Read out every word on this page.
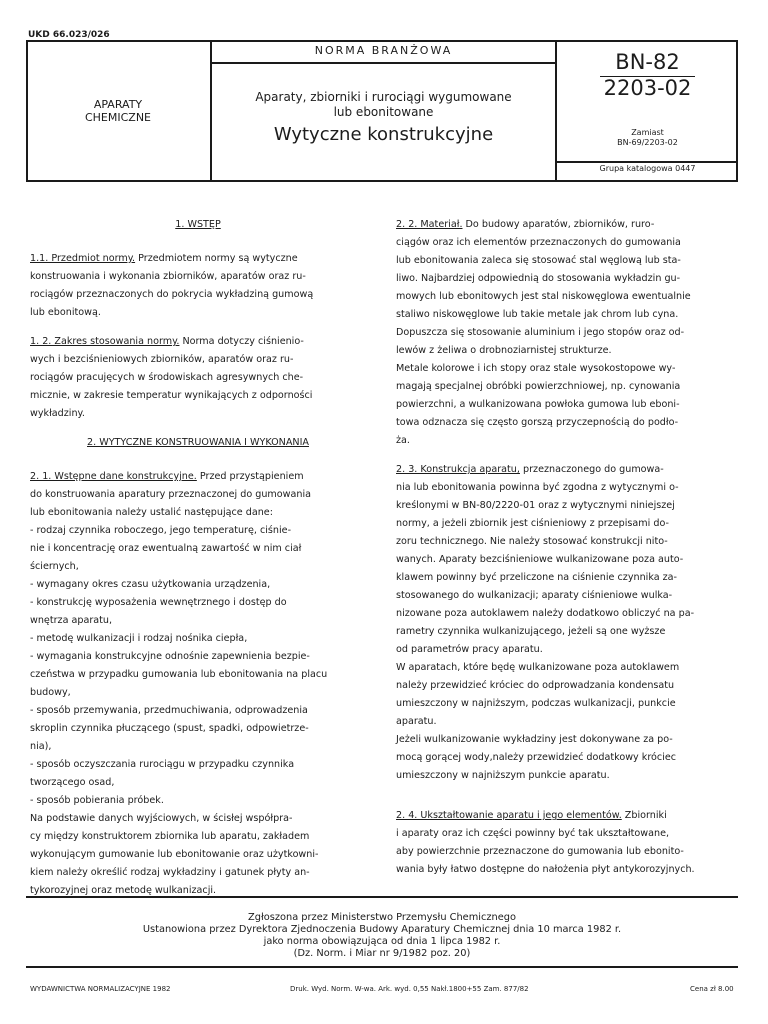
UKD 66.023/026
APARATY
CHEMICZNE
NORMA BRANŻOWA
Aparaty, zbiorniki i rurociągi wygumowane
lub ebonitowane
Wytyczne konstrukcyjne
BN-82
2203-02
Zamiast
BN-69/2203-02
Grupa katalogowa 0447

1. WSTĘP

1.1. Przedmiot normy. Przedmiotem normy są wytyczne

konstruowania i wykonania zbiorników, aparatów oraz ru-

rociągów przeznaczonych do pokrycia wykładziną gumową

lub ebonitową.

1. 2. Zakres stosowania normy. Norma dotyczy ciśnienio-

wych i bezciśnieniowych zbiorników, aparatów oraz ru-

rociągów pracujęcych w środowiskach agresywnych che-

micznie, w zakresie temperatur wynikających z odporności

wykładziny.

2. WYTYCZNE KONSTRUOWANIA I WYKONANIA

2. 1. Wstępne dane konstrukcyjne. Przed przystąpieniem

do konstruowania aparatury przeznaczonej do gumowania

lub ebonitowania należy ustalić następujące dane:

- rodzaj czynnika roboczego, jego temperaturę, ciśnie-

nie i koncentrację oraz ewentualną zawartość w nim ciał

ściernych,

- wymagany okres czasu użytkowania urządzenia,

- konstrukcję wyposażenia wewnętrznego i dostęp do

wnętrza aparatu,

- metodę wulkanizacji i rodzaj nośnika ciepła,

- wymagania konstrukcyjne odnośnie zapewnienia bezpie-

czeństwa w przypadku gumowania lub ebonitowania na placu

budowy,

- sposób przemywania, przedmuchiwania, odprowadzenia

skroplin czynnika płuczącego (spust, spadki, odpowietrze-

nia),

- sposób oczyszczania rurociągu w przypadku czynnika

tworzącego osad,

- sposób pobierania próbek.

Na podstawie danych wyjściowych, w ścisłej współpra-

cy między konstruktorem zbiornika lub aparatu, zakładem

wykonującym gumowanie lub ebonitowanie oraz użytkowni-

kiem należy określić rodzaj wykładziny i gatunek płyty an-

tykorozyjnej oraz metodę wulkanizacji.

2. 2. Materiał. Do budowy aparatów, zbiorników, ruro-

ciągów oraz ich elementów przeznaczonych do gumowania

lub ebonitowania zaleca się stosować stal węglową lub sta-

liwo. Najbardziej odpowiednią do stosowania wykładzin gu-

mowych lub ebonitowych jest stal niskowęglowa ewentualnie

staliwo niskowęglowe lub takie metale jak chrom lub cyna.

Dopuszcza się stosowanie aluminium i jego stopów oraz od-

lewów z żeliwa o drobnoziarnistej strukturze.

Metale kolorowe i ich stopy oraz stale wysokostopowe wy-

magają specjalnej obróbki powierzchniowej, np. cynowania

powierzchni, a wulkanizowana powłoka gumowa lub eboni-

towa odznacza się często gorszą przyczepnością do podło-

ża.

2. 3. Konstrukcja aparatu, przeznaczonego do gumowa-

nia lub ebonitowania powinna być zgodna z wytycznymi o-

kreślonymi w BN-80/2220-01 oraz z wytycznymi niniejszej

normy, a jeżeli zbiornik jest ciśnieniowy z przepisami do-

zoru technicznego. Nie należy stosować konstrukcji nito-

wanych. Aparaty bezciśnieniowe wulkanizowane poza auto-

klawem powinny być przeliczone na ciśnienie czynnika za-

stosowanego do wulkanizacji; aparaty ciśnieniowe wulka-

nizowane poza autoklawem należy dodatkowo obliczyć na pa-

rametry czynnika wulkanizującego, jeżeli są one wyższe

od parametrów pracy aparatu.

W aparatach, które będę wulkanizowane poza autoklawem

należy przewidzieć króciec do odprowadzania kondensatu

umieszczony w najniższym, podczas wulkanizacji, punkcie

aparatu.

Jeżeli wulkanizowanie wykładziny jest dokonywane za po-

mocą gorącej wody,należy przewidzieć dodatkowy króciec

umieszczony w najniższym punkcie aparatu.

2. 4. Ukształtowanie aparatu i jego elementów. Zbiorniki

i aparaty oraz ich części powinny być tak ukształtowane,

aby powierzchnie przeznaczone do gumowania lub ebonito-

wania były łatwo dostępne do nałożenia płyt antykorozyjnych.

Zgłoszona przez Ministerstwo Przemysłu Chemicznego
Ustanowiona przez Dyrektora Zjednoczenia Budowy Aparatury Chemicznej dnia 10 marca 1982 r.
jako norma obowiązująca od dnia 1 lipca 1982 r.
(Dz. Norm. i Miar nr 9/1982 poz. 20)
WYDAWNICTWA NORMALIZACYJNE 1982	Druk. Wyd. Norm. W-wa. Ark. wyd. 0,55 Nakł.1800+55 Zam. 877/82	Cena zł 8.00
